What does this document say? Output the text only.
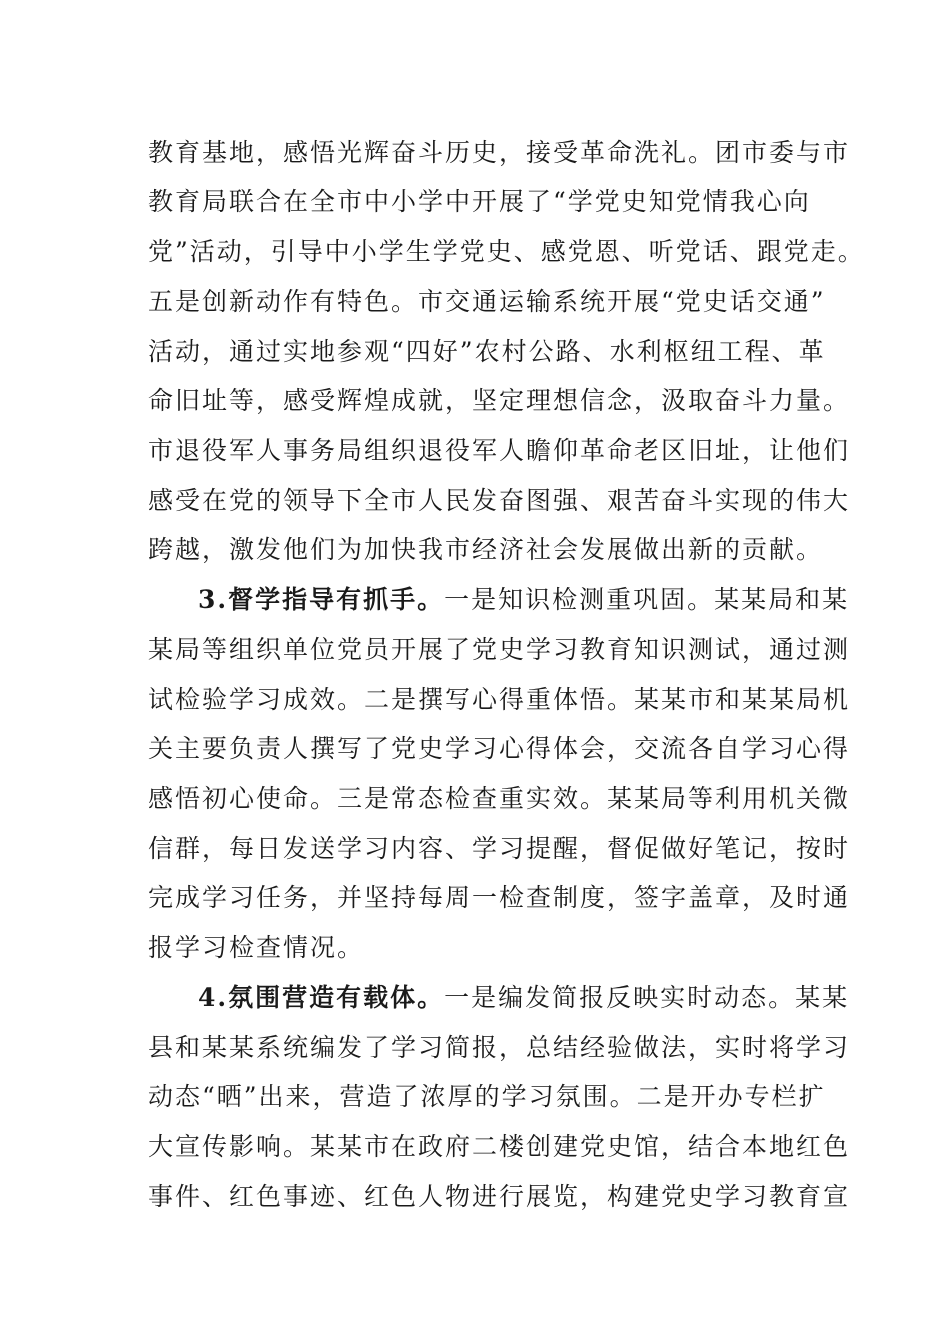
教育基地，感悟光辉奋斗历史，接受革命洗礼。团市委与市
教育局联合在全市中小学中开展了“学党史知党情我心向
党”活动，引导中小学生学党史、感党恩、听党话、跟党走。
五是创新动作有特色。市交通运输系统开展“党史话交通”
活动，通过实地参观“四好”农村公路、水利枢纽工程、革
命旧址等，感受辉煌成就，坚定理想信念，汲取奋斗力量。
市退役军人事务局组织退役军人瞻仰革命老区旧址，让他们
感受在党的领导下全市人民发奋图强、艰苦奋斗实现的伟大
跨越，激发他们为加快我市经济社会发展做出新的贡献。
3.督学指导有抓手。一是知识检测重巩固。某某局和某
某局等组织单位党员开展了党史学习教育知识测试，通过测
试检验学习成效。二是撰写心得重体悟。某某市和某某局机
关主要负责人撰写了党史学习心得体会，交流各自学习心得
感悟初心使命。三是常态检查重实效。某某局等利用机关微
信群，每日发送学习内容、学习提醒，督促做好笔记，按时
完成学习任务，并坚持每周一检查制度，签字盖章，及时通
报学习检查情况。
4.氛围营造有载体。一是编发简报反映实时动态。某某
县和某某系统编发了学习简报，总结经验做法，实时将学习
动态“晒”出来，营造了浓厚的学习氛围。二是开办专栏扩
大宣传影响。某某市在政府二楼创建党史馆，结合本地红色
事件、红色事迹、红色人物进行展览，构建党史学习教育宣
